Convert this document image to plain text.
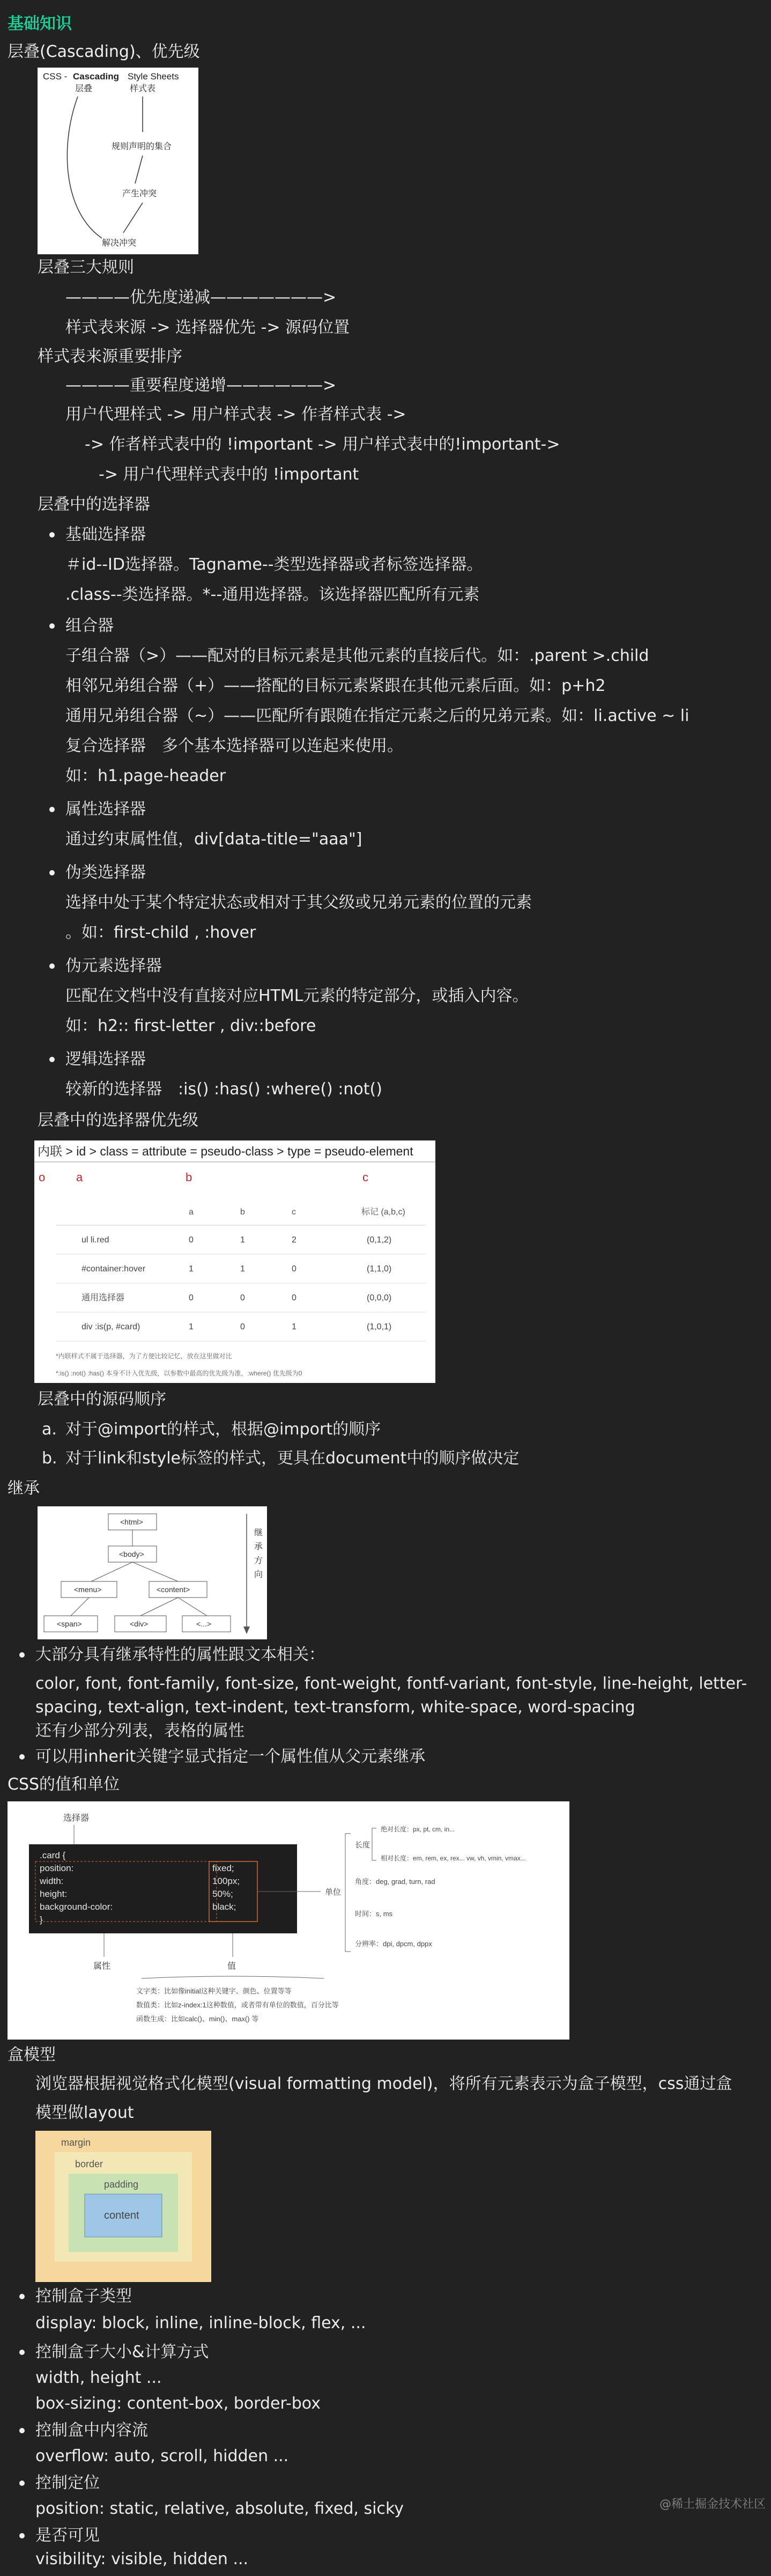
基础知识
层叠(Cascading)、优先级
CSS - Cascading Style Sheets
层叠	样式表
规则声明的集合
产生冲突
解决冲突
层叠三大规则
————优先度递减———————>
样式表来源 -> 选择器优先 -> 源码位置
样式表来源重要排序
————重要程度递增——————>
用户代理样式 -> 用户样式表 -> 作者样式表 ->
-> 作者样式表中的 !important -> 用户样式表中的!important->
-> 用户代理样式表中的 !important
层叠中的选择器
基础选择器
＃id--ID选择器。Tagname--类型选择器或者标签选择器。
.class--类选择器。*--通用选择器。该选择器匹配所有元素
组合器
子组合器（>）——配对的目标元素是其他元素的直接后代。如：.parent >.child
相邻兄弟组合器（+）——搭配的目标元素紧跟在其他元素后面。如：p+h2
通用兄弟组合器（~）——匹配所有跟随在指定元素之后的兄弟元素。如：li.active ~ li
复合选择器　多个基本选择器可以连起来使用。
如：h1.page-header
属性选择器
通过约束属性值，div[data-title="aaa"]
伪类选择器
选择中处于某个特定状态或相对于其父级或兄弟元素的位置的元素
。如：first-child , :hover
伪元素选择器
匹配在文档中没有直接对应HTML元素的特定部分，或插入内容。
如：h2:: first-letter , div::before
逻辑选择器
较新的选择器　:is() :has() :where() :not()
层叠中的选择器优先级
内联 > id > class = attribute = pseudo-class > type = pseudo-element
o	a	b	c
a	b	c	标记 (a,b,c)
ul li.red	0	1	2	(0,1,2)
#container:hover	1	1	0	(1,1,0)
通用选择器	0	0	0	(0,0,0)
div :is(p, #card)	1	0	1	(1,0,1)
*内联样式不属于选择器，为了方便比较记忆，放在这里做对比
*:is() :not() :has() 本身不计入优先级，以参数中最高的优先级为准，:where() 优先级为0
层叠中的源码顺序
a. 对于@import的样式，根据@import的顺序
b. 对于link和style标签的样式，更具在document中的顺序做决定
继承
<html>
<body>
<menu>	<content>
<span>	<div>	<...>
继
承
方
向
大部分具有继承特性的属性跟文本相关：
color, font, font-family, font-size, font-weight, fontf-variant, font-style, line-height, letter-
spacing, text-align, text-indent, text-transform, white-space, word-spacing
还有少部分列表，表格的属性
可以用inherit关键字显式指定一个属性值从父元素继承
CSS的值和单位
选择器
.card {
position:
width:
height:
background-color:
}
fixed;
100px;
50%;
black;
属性	值
文字类：比如像initial这种关键字、颜色、位置等等
数值类：比如z-index:1这种数值，或者带有单位的数值，百分比等
函数生成：比如calc()、min()、max() 等
单位
长度
绝对长度：px, pt, cm, in...
相对长度：em, rem, ex, rex... vw, vh, vmin, vmax...
角度：deg, grad, turn, rad
时间：s, ms
分辨率：dpi, dpcm, dppx
盒模型
浏览器根据视觉格式化模型(visual formatting model)，将所有元素表示为盒子模型，css通过盒
模型做layout
margin
border
padding
content
控制盒子类型
display: block, inline, inline-block, flex, ...
控制盒子大小&计算方式
width, height ...
box-sizing: content-box, border-box
控制盒中内容流
overflow: auto, scroll, hidden ...
控制定位
position: static, relative, absolute, fixed, sicky
是否可见
visibility: visible, hidden ...
@稀土掘金技术社区
